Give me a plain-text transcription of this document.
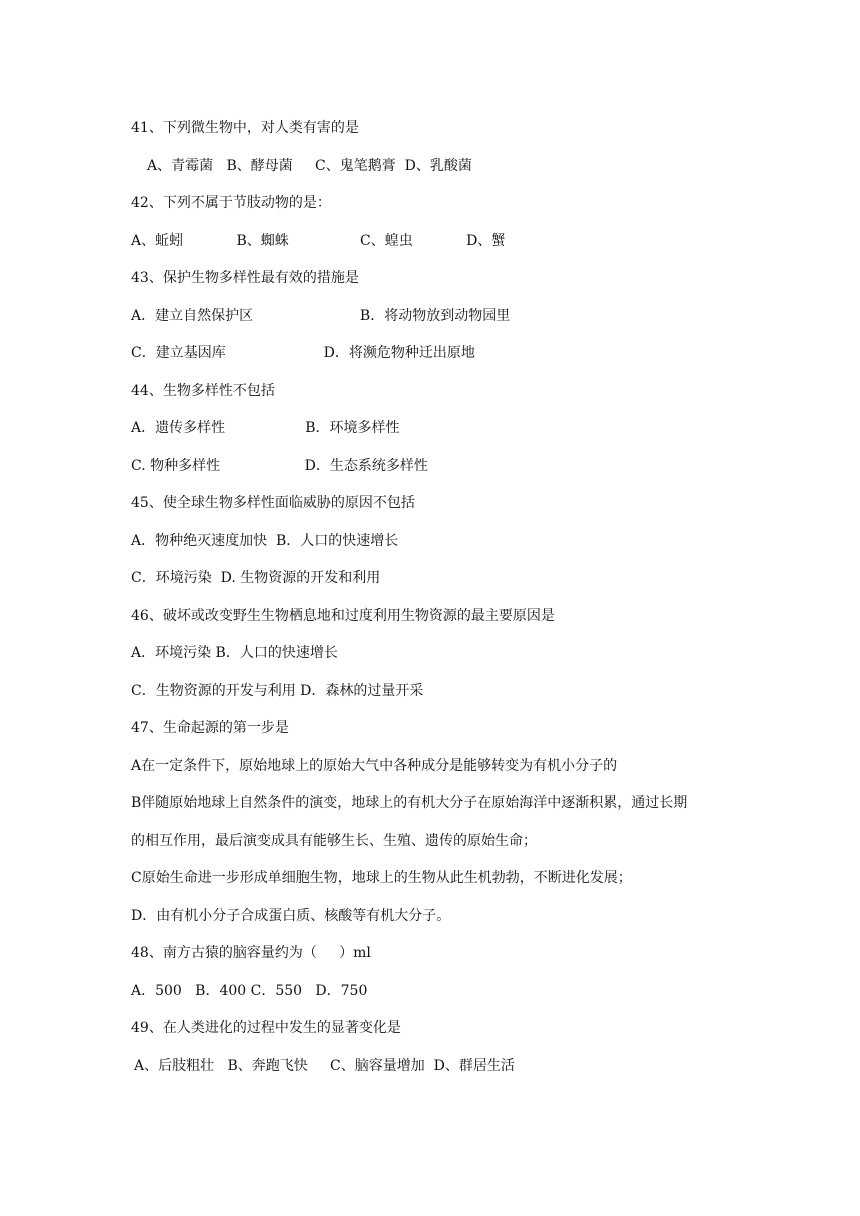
41、下列微生物中，对人类有害的是
A、青霉菌   B、酵母菌     C、鬼笔鹅膏  D、乳酸菌
42、下列不属于节肢动物的是：
A、蚯蚓            B、蜘蛛                C、蝗虫            D、蟹
43、保护生物多样性最有效的措施是
A．建立自然保护区                        B．将动物放到动物园里
C．建立基因库                      D．将濒危物种迁出原地
44、生物多样性不包括
A．遗传多样性                  B．环境多样性
C. 物种多样性                   D．生态系统多样性
45、使全球生物多样性面临威胁的原因不包括
A．物种绝灭速度加快  B．人口的快速增长
C．环境污染  D. 生物资源的开发和利用
46、破坏或改变野生生物栖息地和过度利用生物资源的最主要原因是
A．环境污染 B．人口的快速增长
C．生物资源的开发与利用 D．森林的过量开采
47、生命起源的第一步是
A在一定条件下，原始地球上的原始大气中各种成分是能够转变为有机小分子的
B伴随原始地球上自然条件的演变，地球上的有机大分子在原始海洋中逐渐积累，通过长期
的相互作用，最后演变成具有能够生长、生殖、遗传的原始生命；
C原始生命进一步形成单细胞生物，地球上的生物从此生机勃勃，不断进化发展；
D．由有机小分子合成蛋白质、核酸等有机大分子。
48、南方古猿的脑容量约为（     ）ml
A．500   B．400 C．550   D．750
49、在人类进化的过程中发生的显著变化是
A、后肢粗壮   B、奔跑飞快     C、脑容量增加  D、群居生活
